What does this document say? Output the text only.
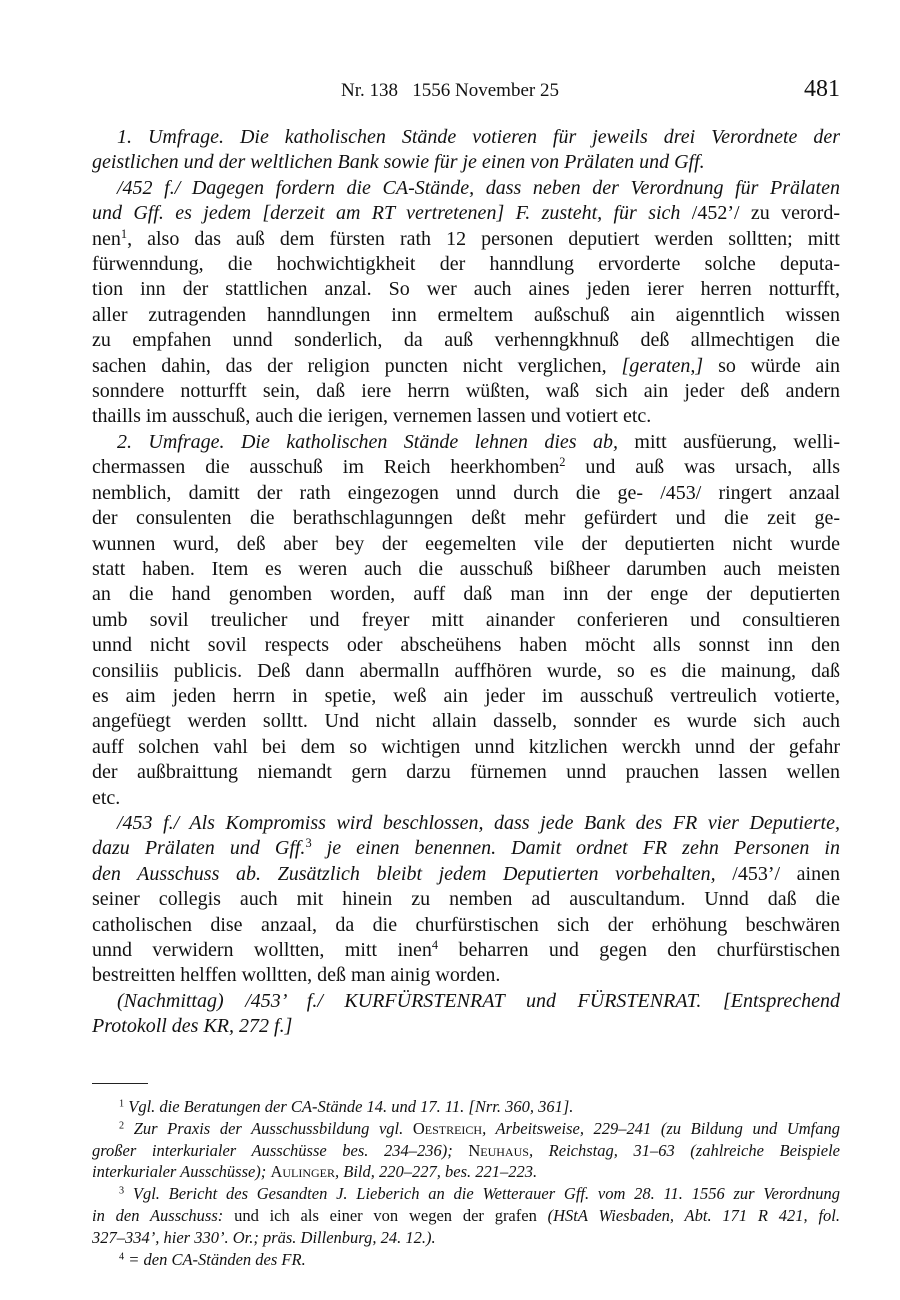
Nr. 138   1556 November 25	481
1. Umfrage. Die katholischen Stände votieren für jeweils drei Verordnete der
geistlichen und der weltlichen Bank sowie für je einen von Prälaten und Gff.
/452 f./ Dagegen fordern die CA-Stände, dass neben der Verordnung für Prälaten
und Gff. es jedem [derzeit am RT vertretenen] F. zusteht, für sich /452’/ zu verord-
nen$^1$, also das auß dem fürsten rath 12 personen deputiert werden solltten; mitt
fürwenndung, die hochwichtigkheit der hanndlung ervorderte solche deputa-
tion inn der stattlichen anzal. So wer auch aines jeden ierer herren notturfft,
aller zutragenden hanndlungen inn ermeltem außschuß ain aigenntlich wissen
zu empfahen unnd sonderlich, da auß verhenngkhnuß deß allmechtigen die
sachen dahin, das der religion puncten nicht verglichen, [geraten,] so würde ain
sonndere notturfft sein, daß iere herrn wüßten, waß sich ain jeder deß andern
thaills im ausschuß, auch die ierigen, vernemen lassen und votiert etc.
2. Umfrage. Die katholischen Stände lehnen dies ab, mitt ausfüerung, welli-
chermassen die ausschuß im Reich heerkhomben$^2$ und auß was ursach, alls
nemblich, damitt der rath eingezogen unnd durch die ge- /453/ ringert anzaal
der consulenten die berathschlagunngen deßt mehr gefürdert und die zeit ge-
wunnen wurd, deß aber bey der eegemelten vile der deputierten nicht wurde
statt haben. Item es weren auch die ausschuß bißheer darumben auch meisten
an die hand genomben worden, auff daß man inn der enge der deputierten
umb sovil treulicher und freyer mitt ainander conferieren und consultieren
unnd nicht sovil respects oder abscheühens haben möcht alls sonnst inn den
consiliis publicis. Deß dann abermalln auffhören wurde, so es die mainung, daß
es aim jeden herrn in spetie, weß ain jeder im ausschuß vertreulich votierte,
angefüegt werden solltt. Und nicht allain dasselb, sonnder es wurde sich auch
auff solchen vahl bei dem so wichtigen unnd kitzlichen werckh unnd der gefahr
der außbraittung niemandt gern darzu fürnemen unnd prauchen lassen wellen
etc.
/453 f./ Als Kompromiss wird beschlossen, dass jede Bank des FR vier Deputierte,
dazu Prälaten und Gff.$^3$ je einen benennen. Damit ordnet FR zehn Personen in
den Ausschuss ab. Zusätzlich bleibt jedem Deputierten vorbehalten, /453’/ ainen
seiner collegis auch mit hinein zu nemben ad auscultandum. Unnd daß die
catholischen dise anzaal, da die churfürstischen sich der erhöhung beschwären
unnd verwidern wolltten, mitt inen$^4$ beharren und gegen den churfürstischen
bestreitten helffen wolltten, deß man ainig worden.
(Nachmittag) /453’ f./ KURFÜRSTENRAT und FÜRSTENRAT. [Entsprechend
Protokoll des KR, 272 f.]
$^1$ Vgl. die Beratungen der CA-Stände 14. und 17. 11. [Nrr. 360, 361].
$^2$ Zur Praxis der Ausschussbildung vgl. Oestreich, Arbeitsweise, 229–241 (zu Bildung und Umfang
großer interkurialer Ausschüsse bes. 234–236); Neuhaus, Reichstag, 31–63 (zahlreiche Beispiele
interkurialer Ausschüsse); Aulinger, Bild, 220–227, bes. 221–223.
$^3$ Vgl. Bericht des Gesandten J. Lieberich an die Wetterauer Gff. vom 28. 11. 1556 zur Verordnung
in den Ausschuss: und ich als einer von wegen der grafen (HStA Wiesbaden, Abt. 171 R 421, fol.
327–334’, hier 330’. Or.; präs. Dillenburg, 24. 12.).
$^4$ = den CA-Ständen des FR.
